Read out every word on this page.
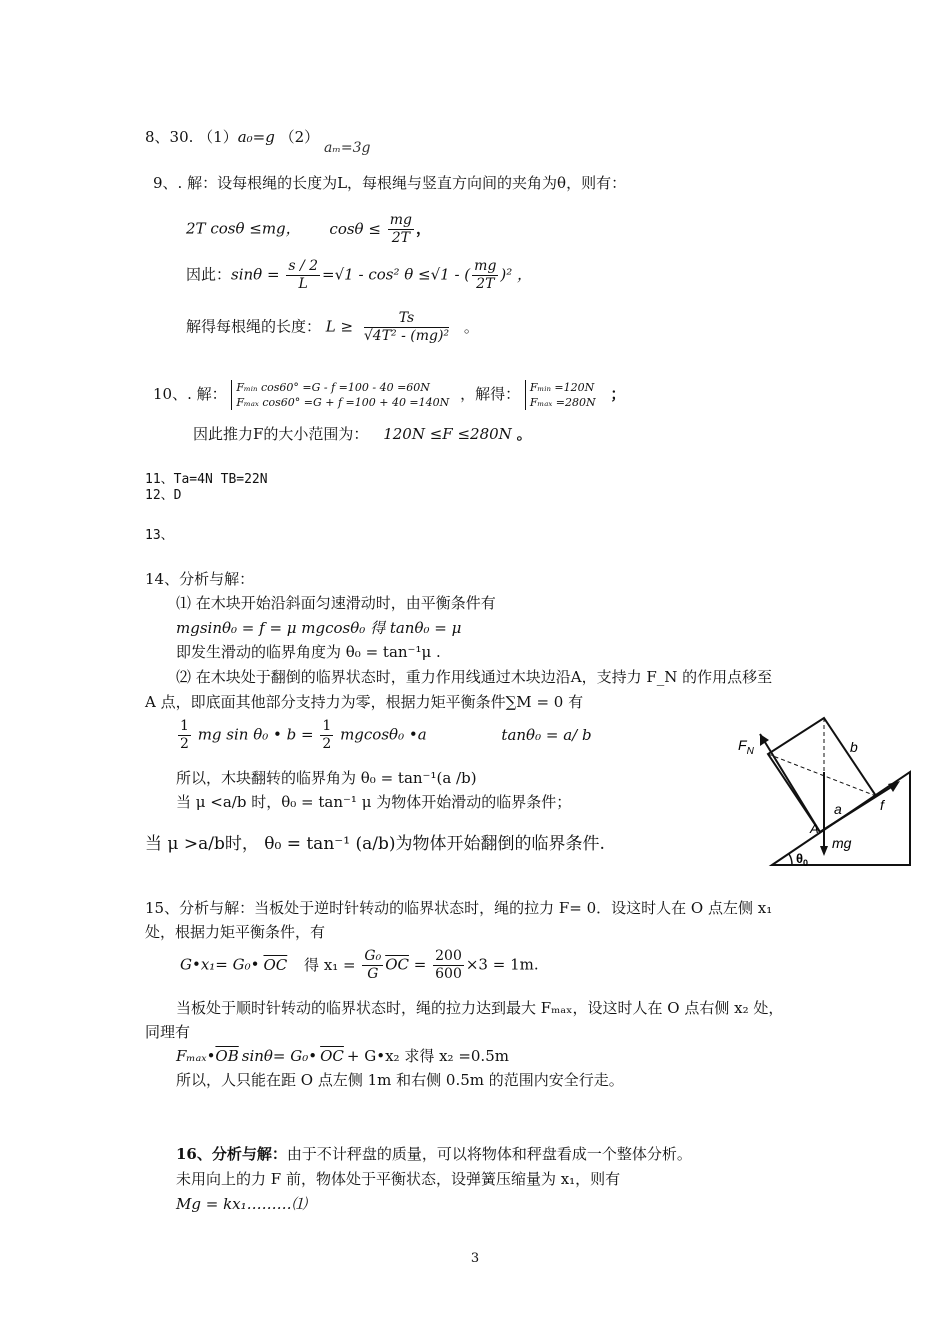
8、30. （1）a₀=g （2） aₘ=3g
9、. 解：设每根绳的长度为L，每根绳与竖直方向间的夹角为θ，则有：
2T cosθ ≤mg， $\cos\theta \le \frac{mg}{2T}$ ，
因此：$\sin\theta = \frac{s / 2}{L} =√1 - \cos^2$ θ ≤√1 - ( $\frac{mg}{2T} )^2$ ，
解得每根绳的长度： $L \ge \frac{Ts}{\text{√4T² - (mg)²}}$ 。
10、. 解： Fₘᵢₙ cos60° =G - f =100 - 40 =60N
Fₘₐₓ cos60° =G + f =100 + 40 =140N ，解得： Fₘᵢₙ =120N
Fₘₐₓ =280N ；
因此推力F的大小范围为： 120N ≤F ≤280N 。
11、Ta=4N TB=22N
12、D
13、
14、分析与解：
⑴ 在木块开始沿斜面匀速滑动时，由平衡条件有
mgsinθ₀ = f = μ mgcosθ₀ 得 tanθ₀ = μ
即发生滑动的临界角度为 θ₀ = tan⁻¹μ .
⑵ 在木块处于翻倒的临界状态时，重力作用线通过木块边沿A，支持力 F_N 的作用点移至
A 点，即底面其他部分支持力为零，根据力矩平衡条件∑M = 0 有
$\frac{1}{2}$ mg sin θ₀ • $b = \frac{1}{2} mgcos\theta_0$ •a	tanθ₀ = a/ b
所以，木块翻转的临界角为 θ₀ = tan⁻¹(a /b)
当 μ <a/b 时，θ₀ = tan⁻¹ μ 为物体开始滑动的临界条件；
当 μ >a/b时， θ₀ = tan⁻¹ (a/b)为物体开始翻倒的临界条件.
$F_N$	b
a	f
A
mg
$\theta_0$
15、分析与解：当板处于逆时针转动的临界状态时，绳的拉力 F= 0．设这时人在 O 点左侧 x₁
处，根据力矩平衡条件，有
G•x₁= G₀• $\overline{OC}$ 得 $x_1 = \frac{\text{G₀}}{G} \overline{OC} = \frac{200}{600} \times 3 = 1m$.
当板处于顺时针转动的临界状态时，绳的拉力达到最大 Fₘₐₓ，设这时人在 O 点右侧 x₂ 处，
同理有
$F_{max}•\overline{OB}$ sinθ= G₀• $\overline{OC}$ + G•x₂ 求得 x₂ =0.5m
所以，人只能在距 O 点左侧 1m 和右侧 0.5m 的范围内安全行走。
16、分析与解：由于不计秤盘的质量，可以将物体和秤盘看成一个整体分析。
未用向上的力 F 前，物体处于平衡状态，设弹簧压缩量为 x₁，则有
Mg = kx₁………⑴
3
